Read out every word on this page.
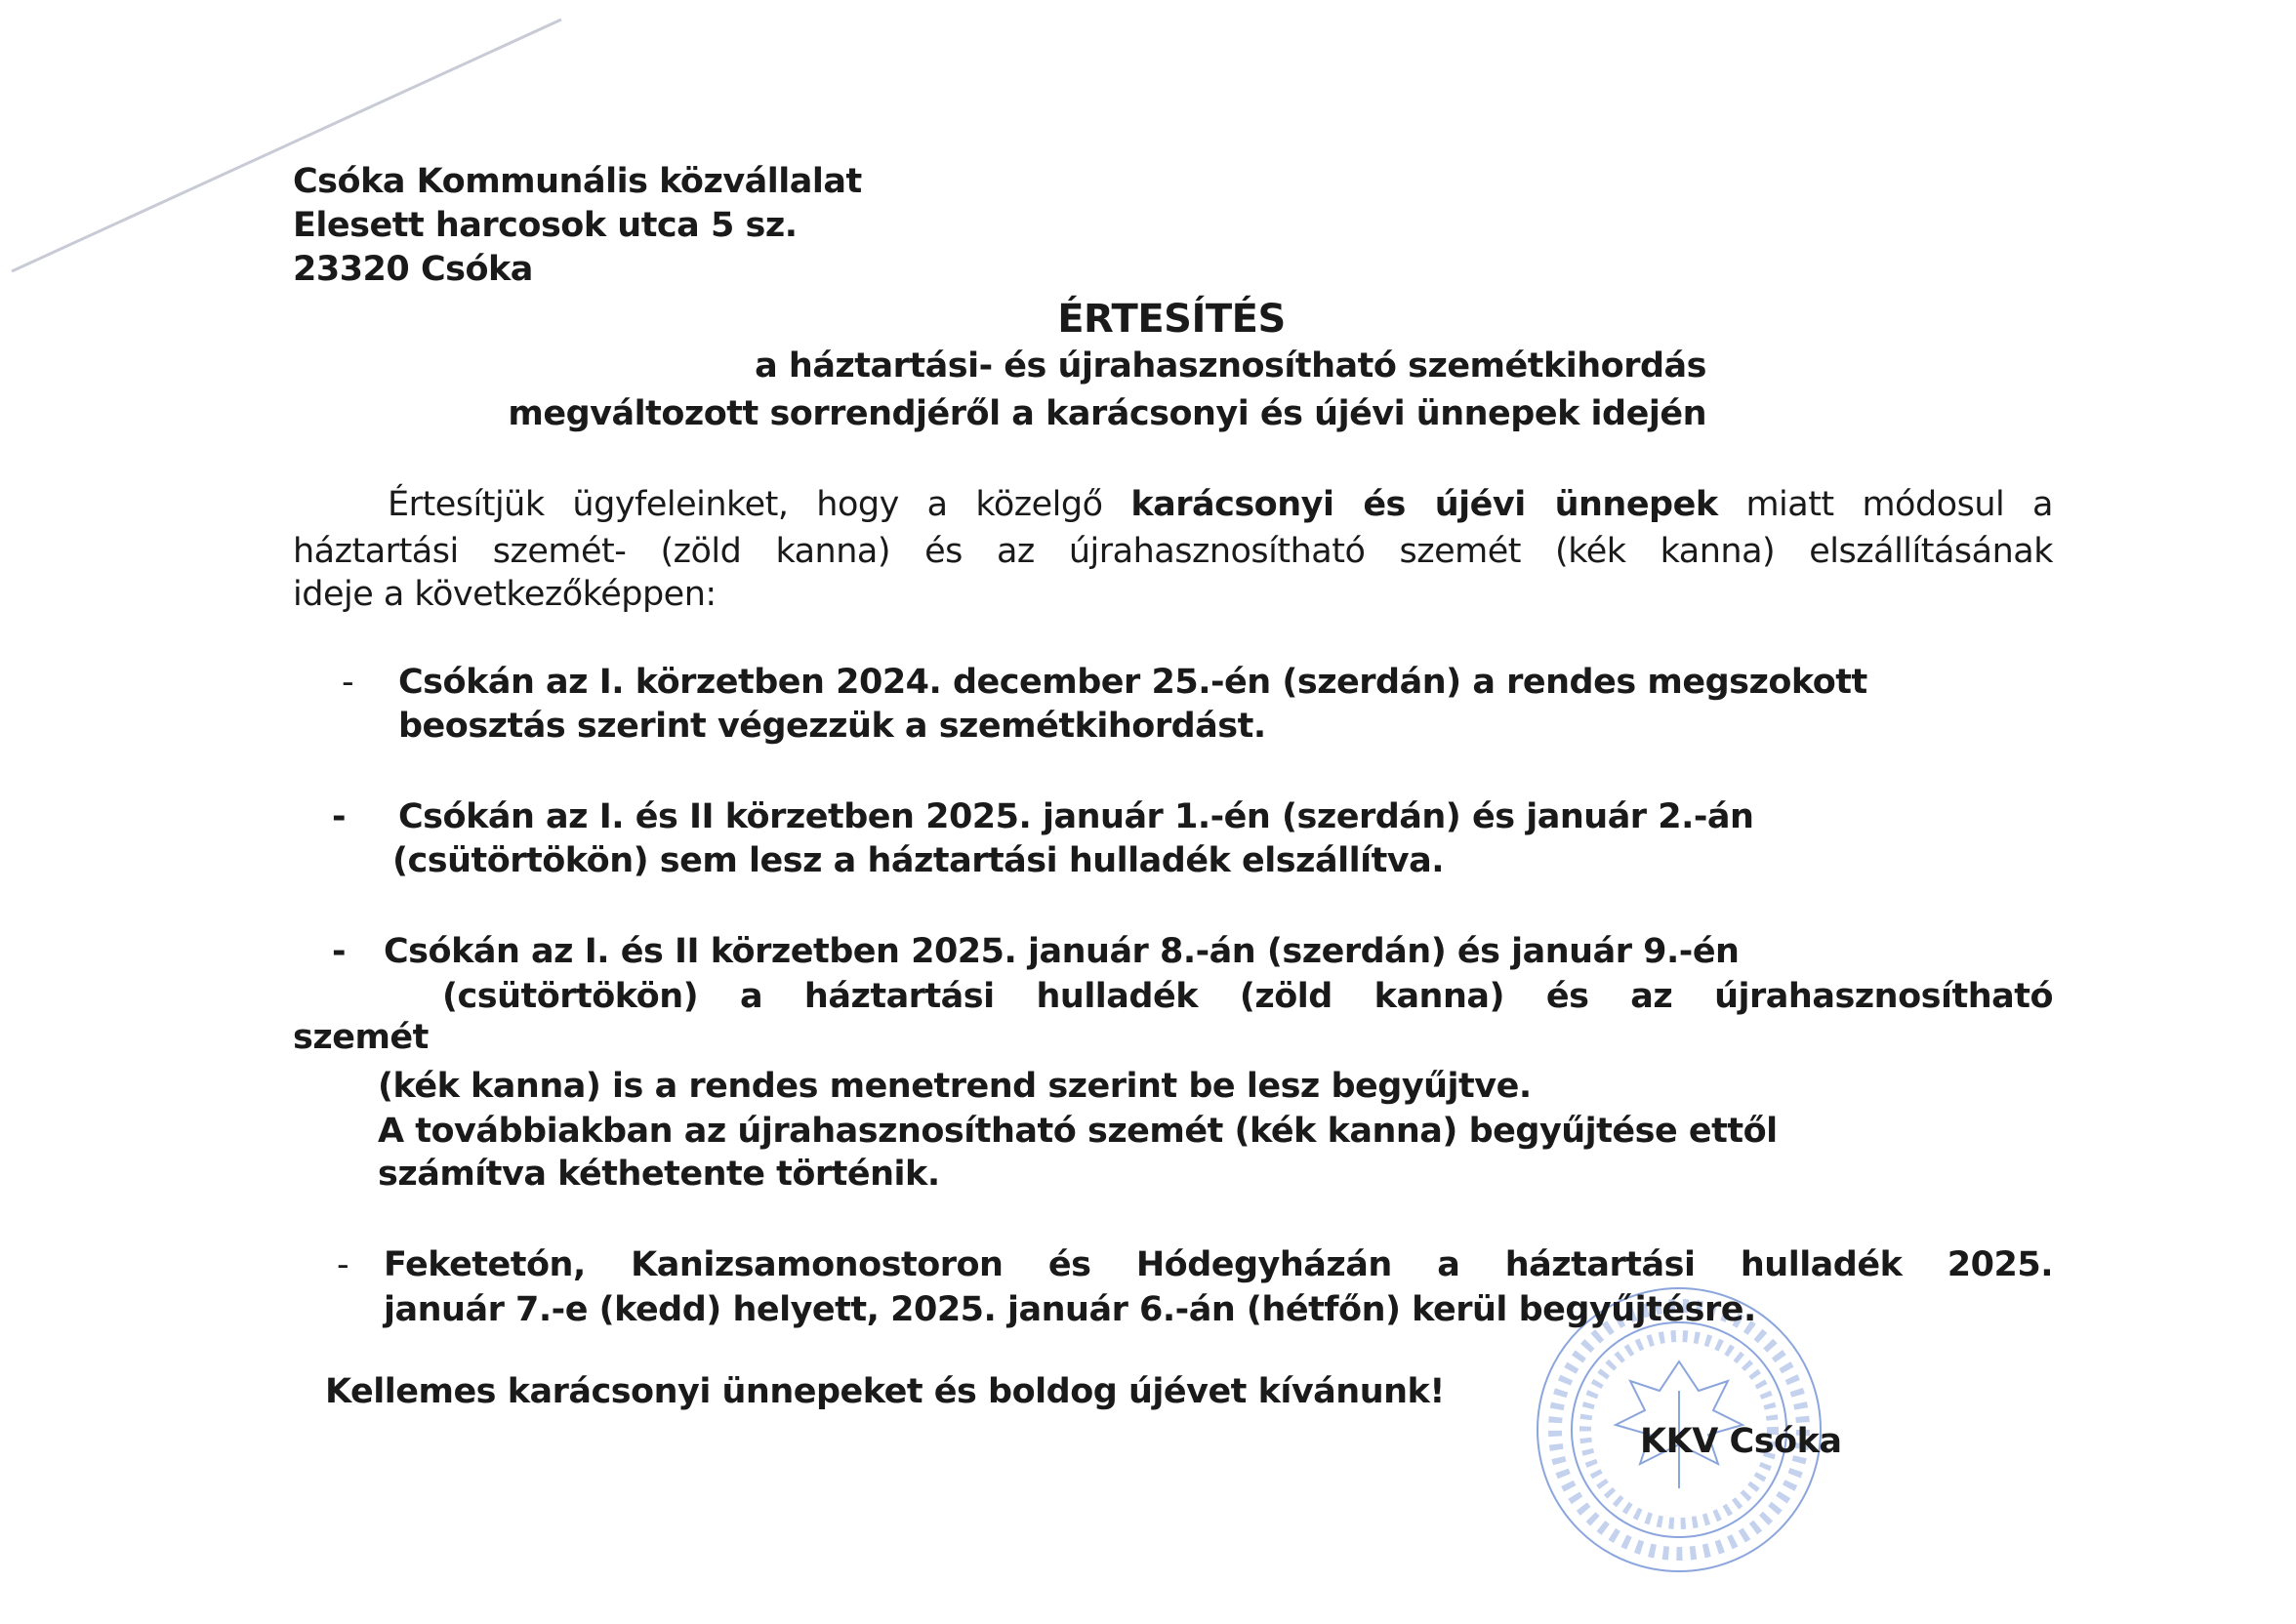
Csóka Kommunális közvállalat
Elesett harcosok utca 5 sz.
23320 Csóka
ÉRTESÍTÉS
a háztartási- és újrahasznosítható szemétkihordás
megváltozott sorrendjéről a karácsonyi és újévi ünnepek idején
Értesítjük ügyfeleinket, hogy a közelgő karácsonyi és újévi ünnepek miatt módosul a
háztartási szemét- (zöld kanna) és az újrahasznosítható szemét (kék kanna) elszállításának
ideje a következőképpen:
- Csókán az I. körzetben 2024. december 25.-én (szerdán) a rendes megszokott
beosztás szerint végezzük a szemétkihordást.
- Csókán az I. és II körzetben 2025. január 1.-én (szerdán) és január 2.-án
(csütörtökön) sem lesz a háztartási hulladék elszállítva.
- Csókán az I. és II körzetben 2025. január 8.-án (szerdán) és január 9.-én
(csütörtökön) a háztartási hulladék (zöld kanna) és az újrahasznosítható
szemét
(kék kanna) is a rendes menetrend szerint be lesz begyűjtve.
A továbbiakban az újrahasznosítható szemét (kék kanna) begyűjtése ettől
számítva kéthetente történik.
- Feketetón, Kanizsamonostoron és Hódegyházán a háztartási hulladék 2025.
január 7.-e (kedd) helyett, 2025. január 6.-án (hétfőn) kerül begyűjtésre.
Kellemes karácsonyi ünnepeket és boldog újévet kívánunk!
KKV Csóka
